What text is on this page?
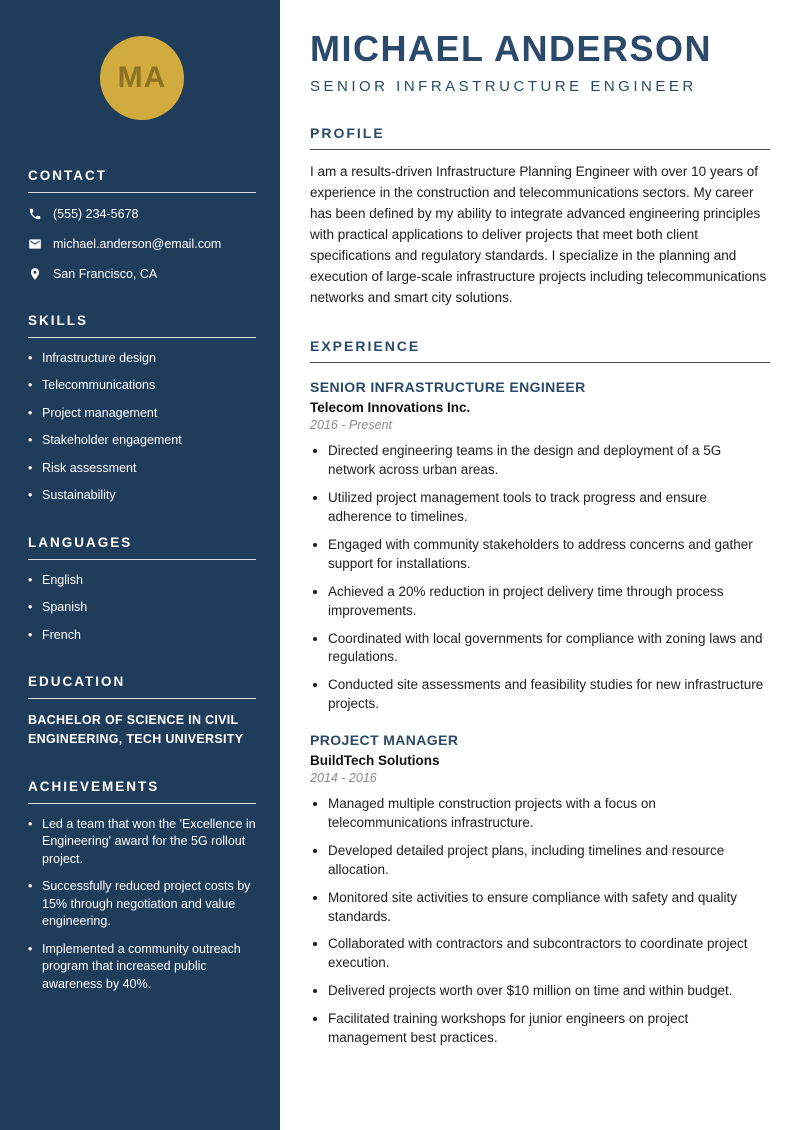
MA
CONTACT
(555) 234-5678
michael.anderson@email.com
San Francisco, CA
SKILLS
• Infrastructure design
• Telecommunications
• Project management
• Stakeholder engagement
• Risk assessment
• Sustainability
LANGUAGES
• English
• Spanish
• French
EDUCATION
BACHELOR OF SCIENCE IN CIVIL ENGINEERING, TECH UNIVERSITY
ACHIEVEMENTS
• Led a team that won the 'Excellence in Engineering' award for the 5G rollout project.
• Successfully reduced project costs by 15% through negotiation and value engineering.
• Implemented a community outreach program that increased public awareness by 40%.
MICHAEL ANDERSON
SENIOR INFRASTRUCTURE ENGINEER
PROFILE

I am a results-driven Infrastructure Planning Engineer with over 10 years of experience in the construction and telecommunications sectors. My career has been defined by my ability to integrate advanced engineering principles with practical applications to deliver projects that meet both client specifications and regulatory standards. I specialize in the planning and execution of large-scale infrastructure projects including telecommunications networks and smart city solutions.

EXPERIENCE
SENIOR INFRASTRUCTURE ENGINEER
Telecom Innovations Inc.
2016 - Present
• Directed engineering teams in the design and deployment of a 5G network across urban areas.
• Utilized project management tools to track progress and ensure adherence to timelines.
• Engaged with community stakeholders to address concerns and gather support for installations.
• Achieved a 20% reduction in project delivery time through process improvements.
• Coordinated with local governments for compliance with zoning laws and regulations.
• Conducted site assessments and feasibility studies for new infrastructure projects.
PROJECT MANAGER
BuildTech Solutions
2014 - 2016
• Managed multiple construction projects with a focus on telecommunications infrastructure.
• Developed detailed project plans, including timelines and resource allocation.
• Monitored site activities to ensure compliance with safety and quality standards.
• Collaborated with contractors and subcontractors to coordinate project execution.
• Delivered projects worth over $10 million on time and within budget.
• Facilitated training workshops for junior engineers on project management best practices.
